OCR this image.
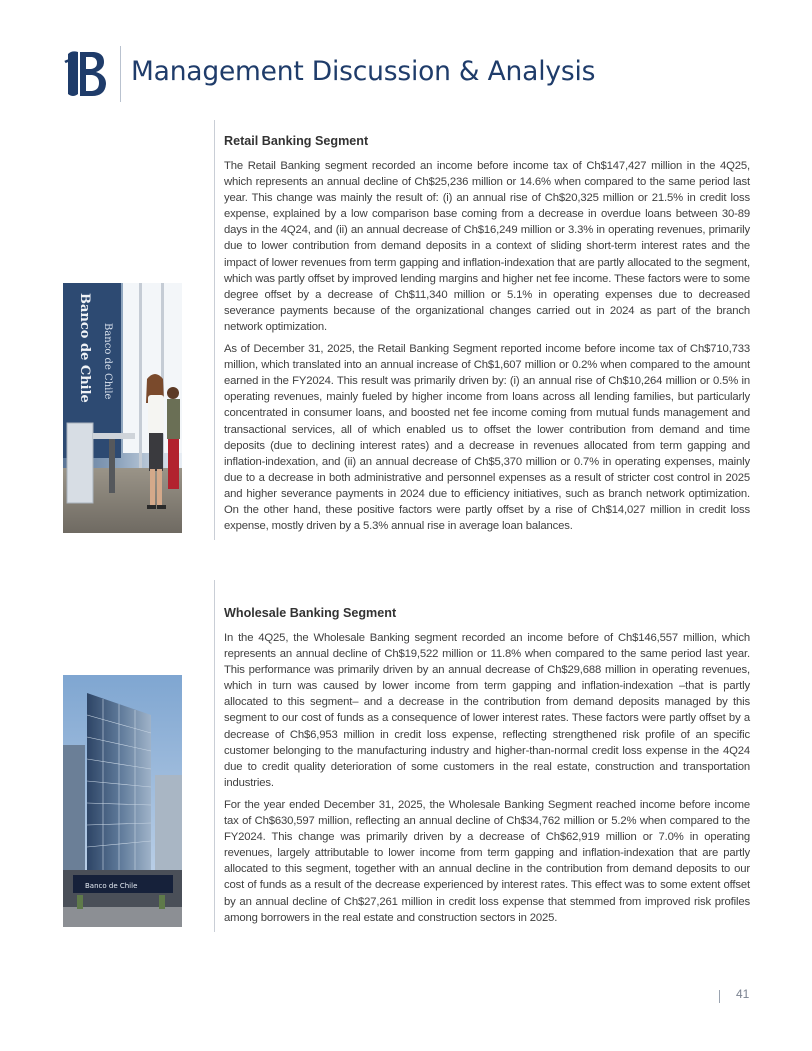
Management Discussion & Analysis
Banco de Chile Banco de Chile
Retail Banking Segment

The Retail Banking segment recorded an income before income tax of Ch$147,427 million in the 4Q25, which represents an annual decline of Ch$25,236 million or 14.6% when compared to the same period last year. This change was mainly the result of: (i) an annual rise of Ch$20,325 million or 21.5% in credit loss expense, explained by a low comparison base coming from a decrease in overdue loans between 30-89 days in the 4Q24, and (ii) an annual decrease of Ch$16,249 million or 3.3% in operating revenues, primarily due to lower contribution from demand deposits in a context of sliding short-term interest rates and the impact of lower revenues from term gapping and inflation-indexation that are partly allocated to the segment, which was partly offset by improved lending margins and higher net fee income. These factors were to some degree offset by a decrease of Ch$11,340 million or 5.1% in operating expenses due to decreased severance payments because of the organizational changes carried out in 2024 as part of the branch network optimization.

As of December 31, 2025, the Retail Banking Segment reported income before income tax of Ch$710,733 million, which translated into an annual increase of Ch$1,607 million or 0.2% when compared to the amount earned in the FY2024. This result was primarily driven by: (i) an annual rise of Ch$10,264 million or 0.5% in operating revenues, mainly fueled by higher income from loans across all lending families, but particularly concentrated in consumer loans, and boosted net fee income coming from mutual funds management and transactional services, all of which enabled us to offset the lower contribution from demand and time deposits (due to declining interest rates) and a decrease in revenues allocated from term gapping and inflation-indexation, and (ii) an annual decrease of Ch$5,370 million or 0.7% in operating expenses, mainly due to a decrease in both administrative and personnel expenses as a result of stricter cost control in 2025 and higher severance payments in 2024 due to efficiency initiatives, such as branch network optimization. On the other hand, these positive factors were partly offset by a rise of Ch$14,027 million in credit loss expense, mostly driven by a 5.3% annual rise in average loan balances.

Banco de Chile
Wholesale Banking Segment

In the 4Q25, the Wholesale Banking segment recorded an income before of Ch$146,557 million, which represents an annual decline of Ch$19,522 million or 11.8% when compared to the same period last year. This performance was primarily driven by an annual decrease of Ch$29,688 million in operating revenues, which in turn was caused by lower income from term gapping and inflation-indexation –that is partly allocated to this segment– and a decrease in the contribution from demand deposits managed by this segment to our cost of funds as a consequence of lower interest rates. These factors were partly offset by a decrease of Ch$6,953 million in credit loss expense, reflecting strengthened risk profile of an specific customer belonging to the manufacturing industry and higher-than-normal credit loss expense in the 4Q24 due to credit quality deterioration of some customers in the real estate, construction and transportation industries.

For the year ended December 31, 2025, the Wholesale Banking Segment reached income before income tax of Ch$630,597 million, reflecting an annual decline of Ch$34,762 million or 5.2% when compared to the FY2024. This change was primarily driven by a decrease of Ch$62,919 million or 7.0% in operating revenues, largely attributable to lower income from term gapping and inflation-indexation that are partly allocated to this segment, together with an annual decline in the contribution from demand deposits to our cost of funds as a result of the decrease experienced by interest rates. This effect was to some extent offset by an annual decline of Ch$27,261 million in credit loss expense that stemmed from improved risk profiles among borrowers in the real estate and construction sectors in 2025.

41
